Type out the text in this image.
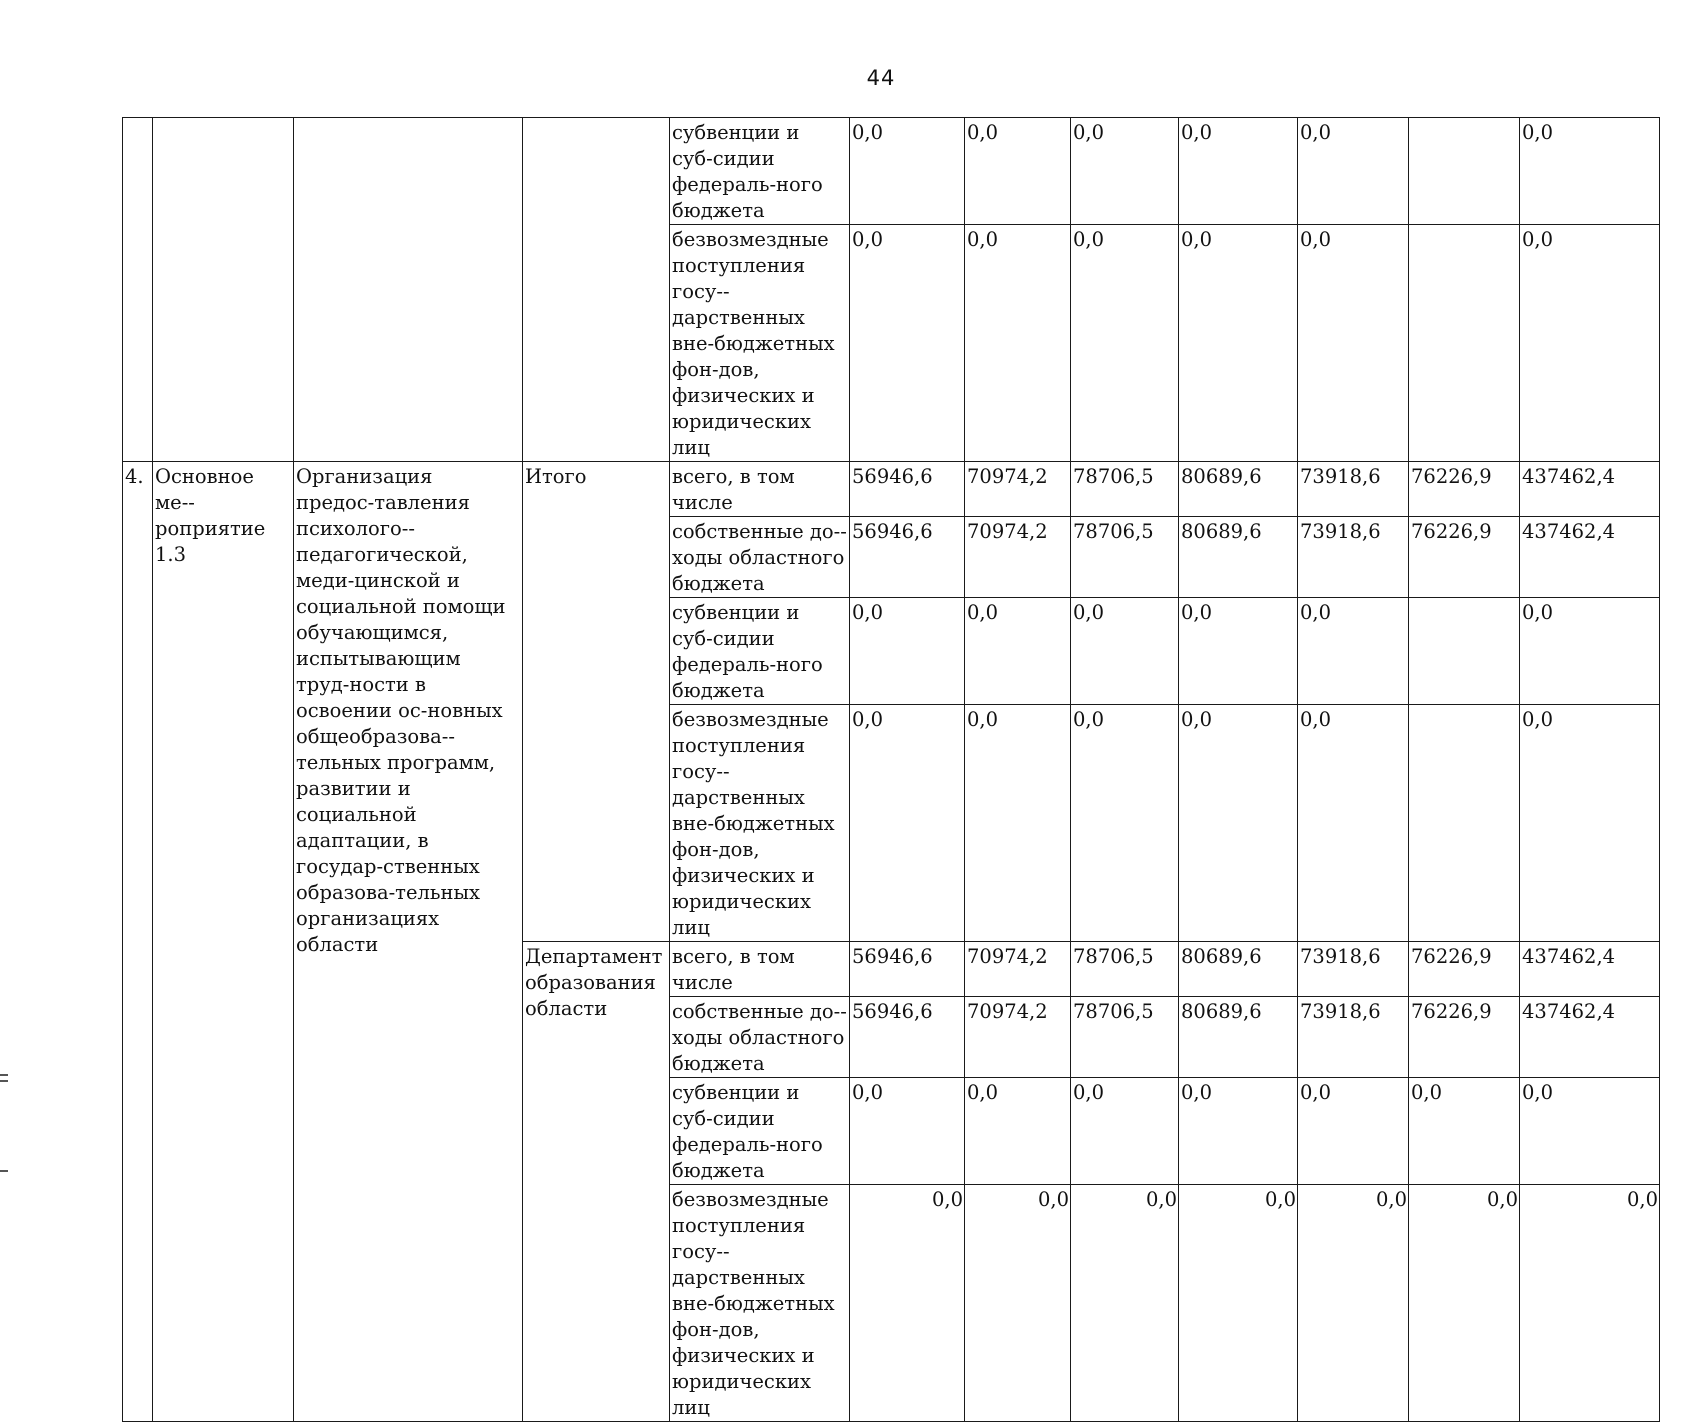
44
				субвенции и суб-сидии федераль-ного бюджета	0,0	0,0	0,0	0,0	0,0		0,0
				безвозмездные поступления госу-дарственных вне-бюджетных фон-дов, физических и юридических лиц	0,0	0,0	0,0	0,0	0,0		0,0
4.	Основное ме-роприятие 1.3	Организация предос-тавления психолого-педагогической, меди-цинской и социальной помощи обучающимся, испытывающим труд-ности в освоении ос-новных общеобразова-тельных программ, развитии и социальной адаптации, в государ-ственных образова-тельных организациях области	Итого	всего, в том числе	56946,6	70974,2	78706,5	80689,6	73918,6	76226,9	437462,4
				собственные до-ходы областного бюджета	56946,6	70974,2	78706,5	80689,6	73918,6	76226,9	437462,4
				субвенции и суб-сидии федераль-ного бюджета	0,0	0,0	0,0	0,0	0,0		0,0
				безвозмездные поступления госу-дарственных вне-бюджетных фон-дов, физических и юридических лиц	0,0	0,0	0,0	0,0	0,0		0,0
			Департамент образования области	всего, в том числе	56946,6	70974,2	78706,5	80689,6	73918,6	76226,9	437462,4
				собственные до-ходы областного бюджета	56946,6	70974,2	78706,5	80689,6	73918,6	76226,9	437462,4
				субвенции и суб-сидии федераль-ного бюджета	0,0	0,0	0,0	0,0	0,0	0,0	0,0
				безвозмездные поступления госу-дарственных вне-бюджетных фон-дов, физических и юридических лиц	0,0	0,0	0,0	0,0	0,0	0,0	0,0
